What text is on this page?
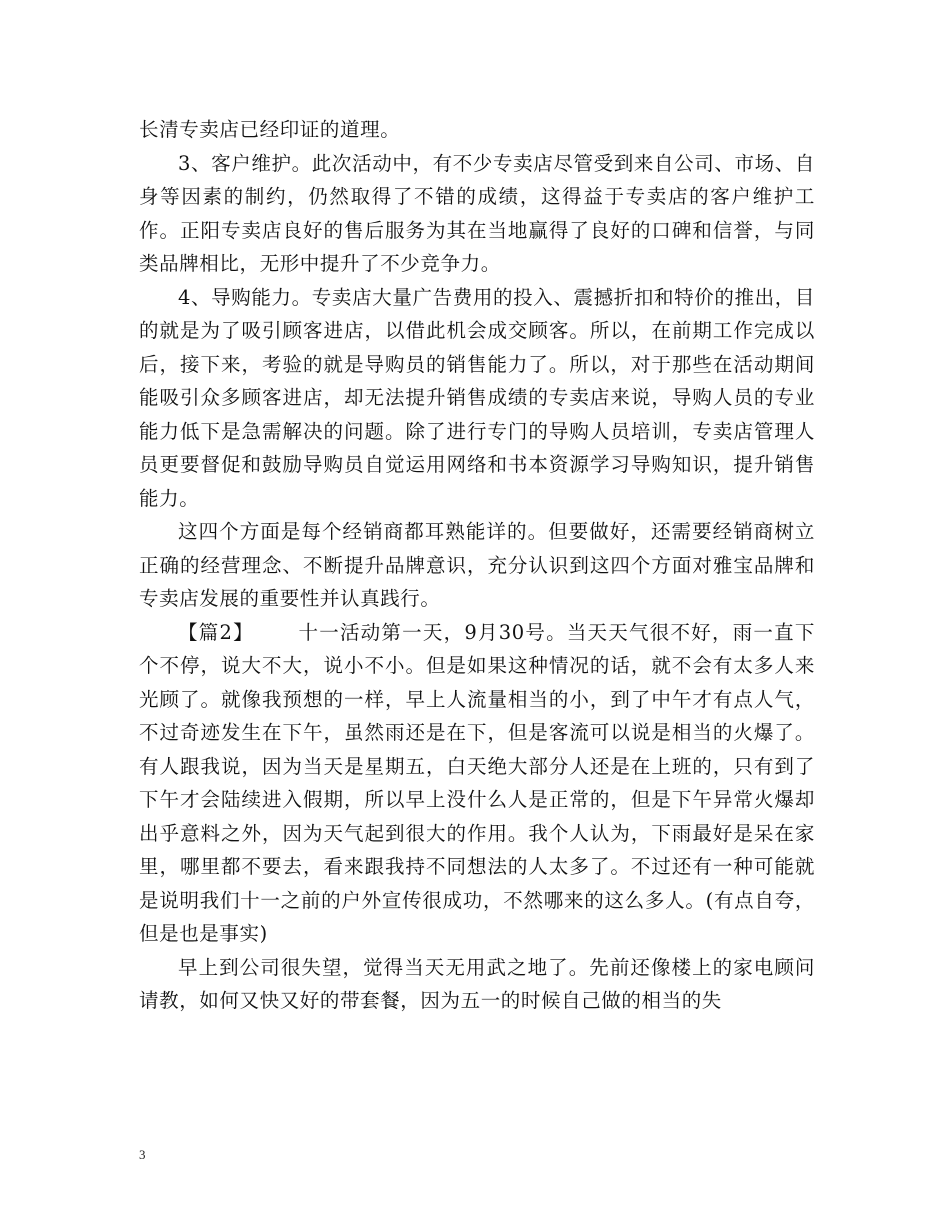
长清专卖店已经印证的道理。

3、客户维护。此次活动中，有不少专卖店尽管受到来自公司、市场、自身等因素的制约，仍然取得了不错的成绩，这得益于专卖店的客户维护工作。正阳专卖店良好的售后服务为其在当地赢得了良好的口碑和信誉，与同类品牌相比，无形中提升了不少竞争力。

4、导购能力。专卖店大量广告费用的投入、震撼折扣和特价的推出，目的就是为了吸引顾客进店，以借此机会成交顾客。所以，在前期工作完成以后，接下来，考验的就是导购员的销售能力了。所以，对于那些在活动期间能吸引众多顾客进店，却无法提升销售成绩的专卖店来说，导购人员的专业能力低下是急需解决的问题。除了进行专门的导购人员培训，专卖店管理人员更要督促和鼓励导购员自觉运用网络和书本资源学习导购知识，提升销售能力。

这四个方面是每个经销商都耳熟能详的。但要做好，还需要经销商树立正确的经营理念、不断提升品牌意识，充分认识到这四个方面对雅宝品牌和专卖店发展的重要性并认真践行。

【篇2】 十一活动第一天，9月30号。当天天气很不好，雨一直下个不停，说大不大，说小不小。但是如果这种情况的话，就不会有太多人来光顾了。就像我预想的一样，早上人流量相当的小，到了中午才有点人气，不过奇迹发生在下午，虽然雨还是在下，但是客流可以说是相当的火爆了。有人跟我说，因为当天是星期五，白天绝大部分人还是在上班的，只有到了下午才会陆续进入假期，所以早上没什么人是正常的，但是下午异常火爆却出乎意料之外，因为天气起到很大的作用。我个人认为，下雨最好是呆在家里，哪里都不要去，看来跟我持不同想法的人太多了。不过还有一种可能就是说明我们十一之前的户外宣传很成功，不然哪来的这么多人。(有点自夸，但是也是事实)

早上到公司很失望，觉得当天无用武之地了。先前还像楼上的家电顾问请教，如何又快又好的带套餐，因为五一的时候自己做的相当的失

3
